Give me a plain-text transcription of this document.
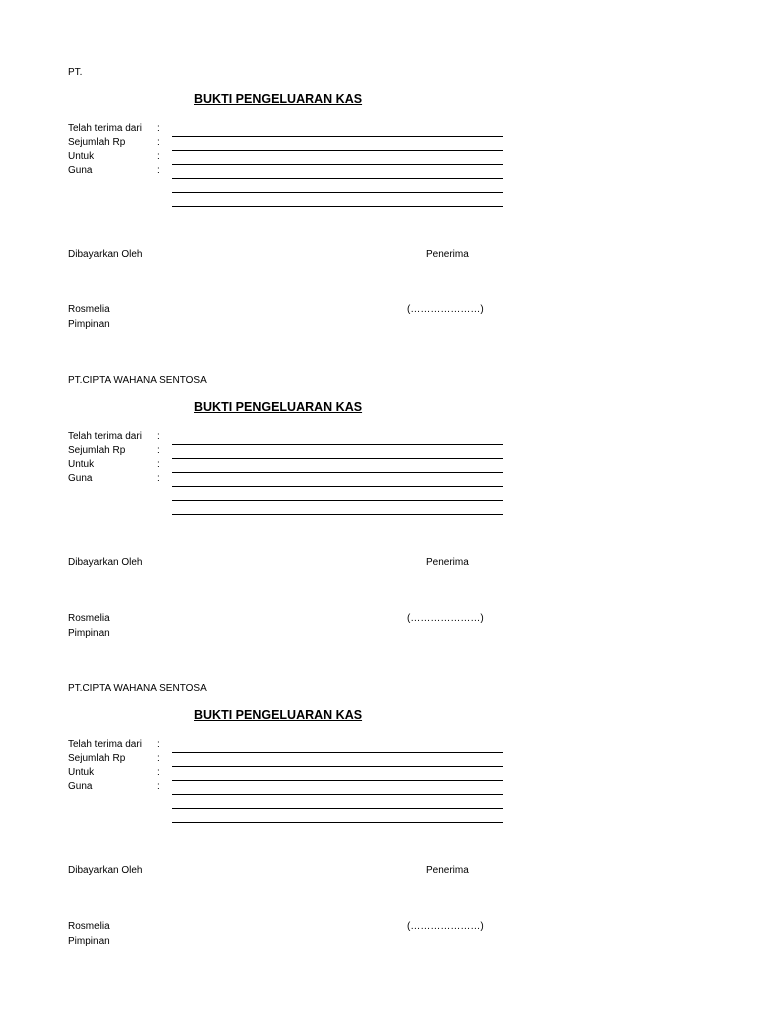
PT.
BUKTI PENGELUARAN KAS
Telah terima dari :
Sejumlah Rp	:
Untuk	:
Guna	:
Dibayarkan Oleh	Penerima
Rosmelia	(…………………)
Pimpinan
PT.CIPTA WAHANA SENTOSA
BUKTI PENGELUARAN KAS
Telah terima dari :
Sejumlah Rp	:
Untuk	:
Guna	:
Dibayarkan Oleh	Penerima
Rosmelia	(…………………)
Pimpinan
PT.CIPTA WAHANA SENTOSA
BUKTI PENGELUARAN KAS
Telah terima dari :
Sejumlah Rp	:
Untuk	:
Guna	:
Dibayarkan Oleh	Penerima
Rosmelia	(…………………)
Pimpinan
